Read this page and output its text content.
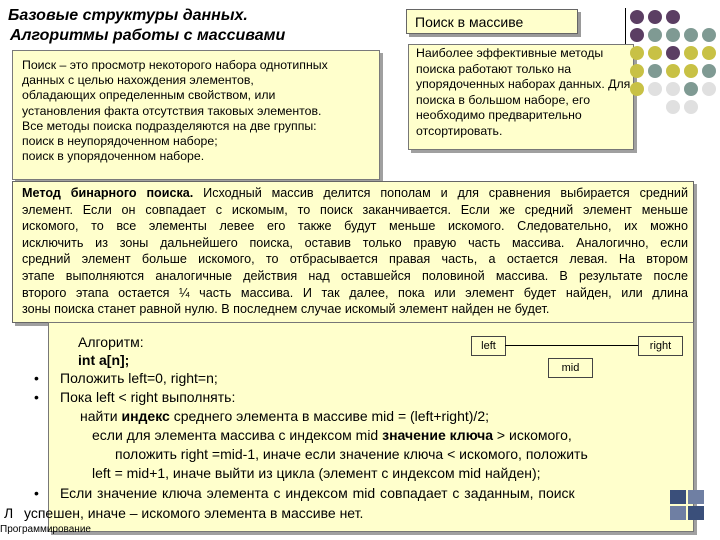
Базовые структуры данных.
Алгоритмы работы с массивами
Поиск – это просмотр некоторого набора однотипных
данных с целью нахождения элементов,
обладающих определенным свойством, или
установления факта отсутствия таковых элементов.
Все методы поиска подразделяются на две группы:
поиск в неупорядоченном наборе;
поиск в упорядоченном наборе.
Поиск в массиве
Наиболее эффективные методы
поиска работают только на
упорядоченных наборах данных. Для
поиска в большом наборе, его
необходимо предварительно
отсортировать.
Метод бинарного поиска. Исходный массив делится пополам и для сравнения выбирается средний
элемент. Если он совпадает с искомым, то поиск заканчивается. Если же средний элемент меньше
искомого, то все элементы левее его также будут меньше искомого. Следовательно, их можно
исключить из зоны дальнейшего поиска, оставив только правую часть массива. Аналогично, если
средний элемент больше искомого, то отбрасывается правая часть, а остается левая. На втором
этапе выполняются аналогичные действия над оставшейся половиной массива. В результате после
второго этапа остается ¼ часть массива. И так далее, пока или элемент будет найден, или длина
зоны поиска станет равной нулю. В последнем случае искомый элемент найден не будет.
left	right
mid
Алгоритм:
int a[n];
• Положить left=0, right=n;
• Пока left < right выполнять:
найти индекс среднего элемента в массиве mid = (left+right)/2;
если для элемента массива с индексом mid значение ключа > искомого,
положить right =mid-1, иначе если значение ключа < искомого, положить
left = mid+1, иначе выйти из цикла (элемент с индексом mid найден);
• Если значение ключа элемента с индексом mid совпадает с заданным, поиск
успешен, иначе – искомого элемента в массиве нет.
Л
Программирование
